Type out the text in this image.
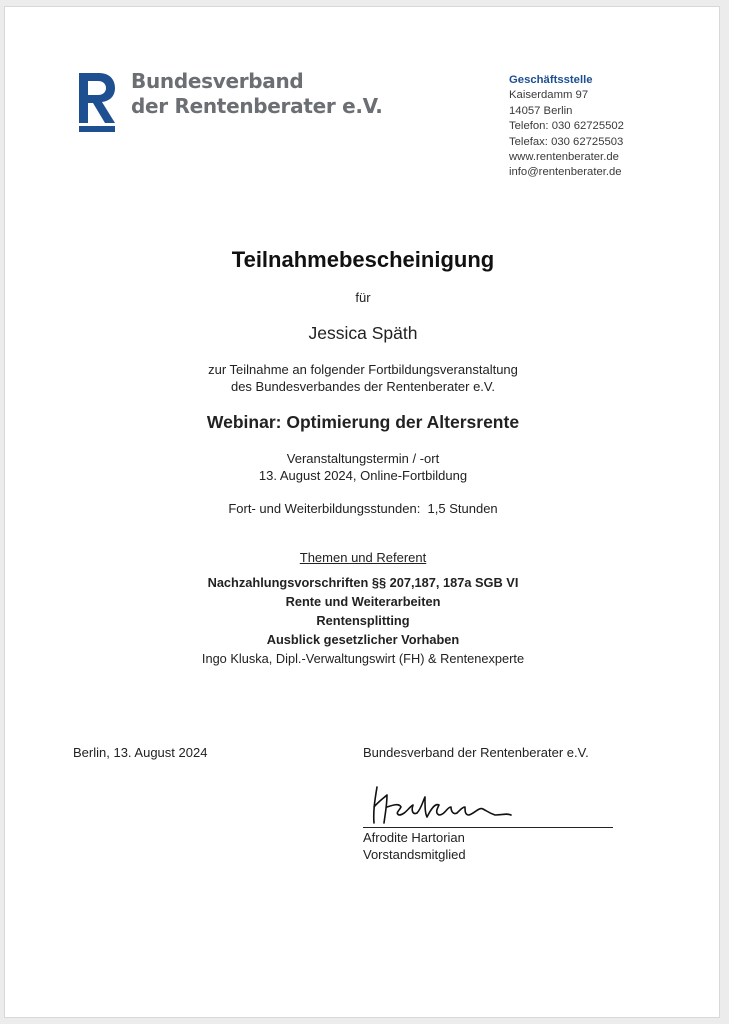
Bundesverband
der Rentenberater e.V.
Geschäftsstelle
Kaiserdamm 97
14057 Berlin
Telefon: 030 62725502
Telefax: 030 62725503
www.rentenberater.de
info@rentenberater.de
Teilnahmebescheinigung
für
Jessica Späth
zur Teilnahme an folgender Fortbildungsveranstaltung
des Bundesverbandes der Rentenberater e.V.
Webinar: Optimierung der Altersrente
Veranstaltungstermin / -ort
13. August 2024, Online-Fortbildung
Fort- und Weiterbildungsstunden: 1,5 Stunden
Themen und Referent
Nachzahlungsvorschriften §§ 207,187, 187a SGB VI
Rente und Weiterarbeiten
Rentensplitting
Ausblick gesetzlicher Vorhaben
Ingo Kluska, Dipl.-Verwaltungswirt (FH) & Rentenexperte
Berlin, 13. August 2024	Bundesverband der Rentenberater e.V.
Afrodite Hartorian
Vorstandsmitglied
